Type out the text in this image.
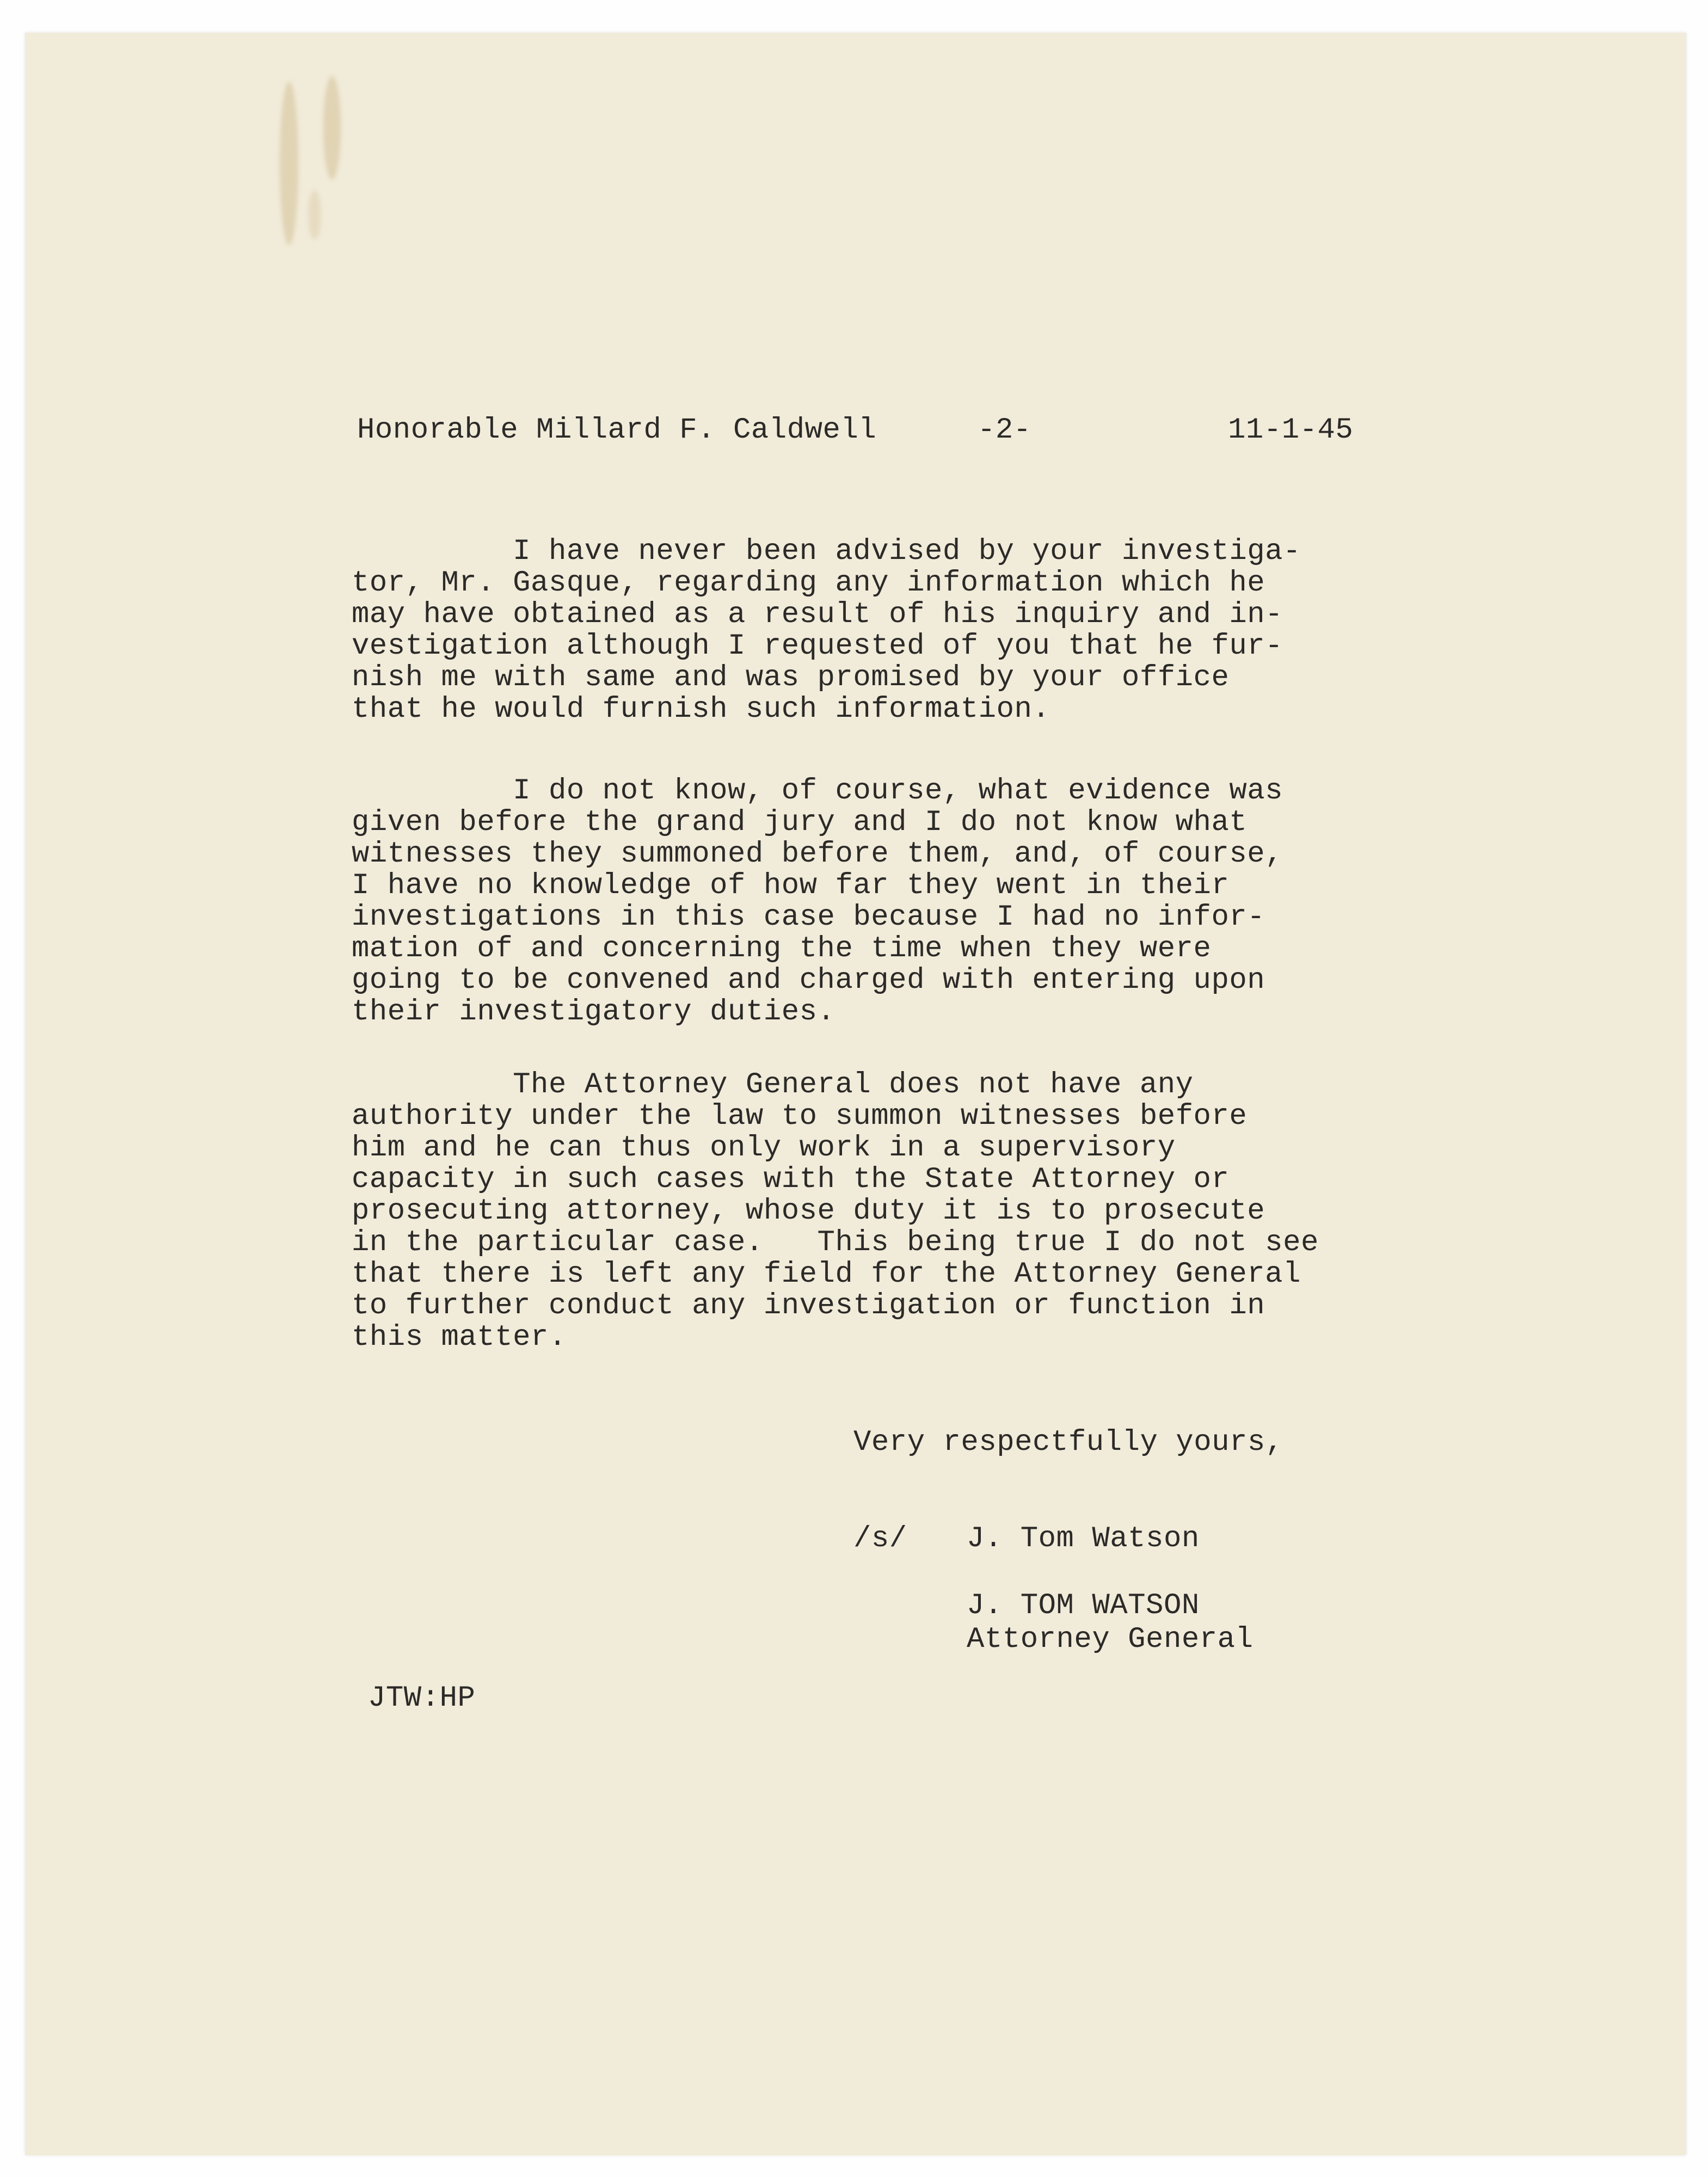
Honorable Millard F. Caldwell

	-2-

	11-1-45

I have never been advised by your investiga-
tor, Mr. Gasque, regarding any information which he
may have obtained as a result of his inquiry and in-
vestigation although I requested of you that he fur-
nish me with same and was promised by your office
that he would furnish such information.
I do not know, of course, what evidence was
given before the grand jury and I do not know what
witnesses they summoned before them, and, of course,
I have no knowledge of how far they went in their
investigations in this case because I had no infor-
mation of and concerning the time when they were
going to be convened and charged with entering upon
their investigatory duties.
The Attorney General does not have any
authority under the law to summon witnesses before
him and he can thus only work in a supervisory
capacity in such cases with the State Attorney or
prosecuting attorney, whose duty it is to prosecute
in the particular case.   This being true I do not see
that there is left any field for the Attorney General
to further conduct any investigation or function in
this matter.
Very respectfully yours,
/s/ J. Tom Watson
J. TOM WATSON
Attorney General
JTW:HP
